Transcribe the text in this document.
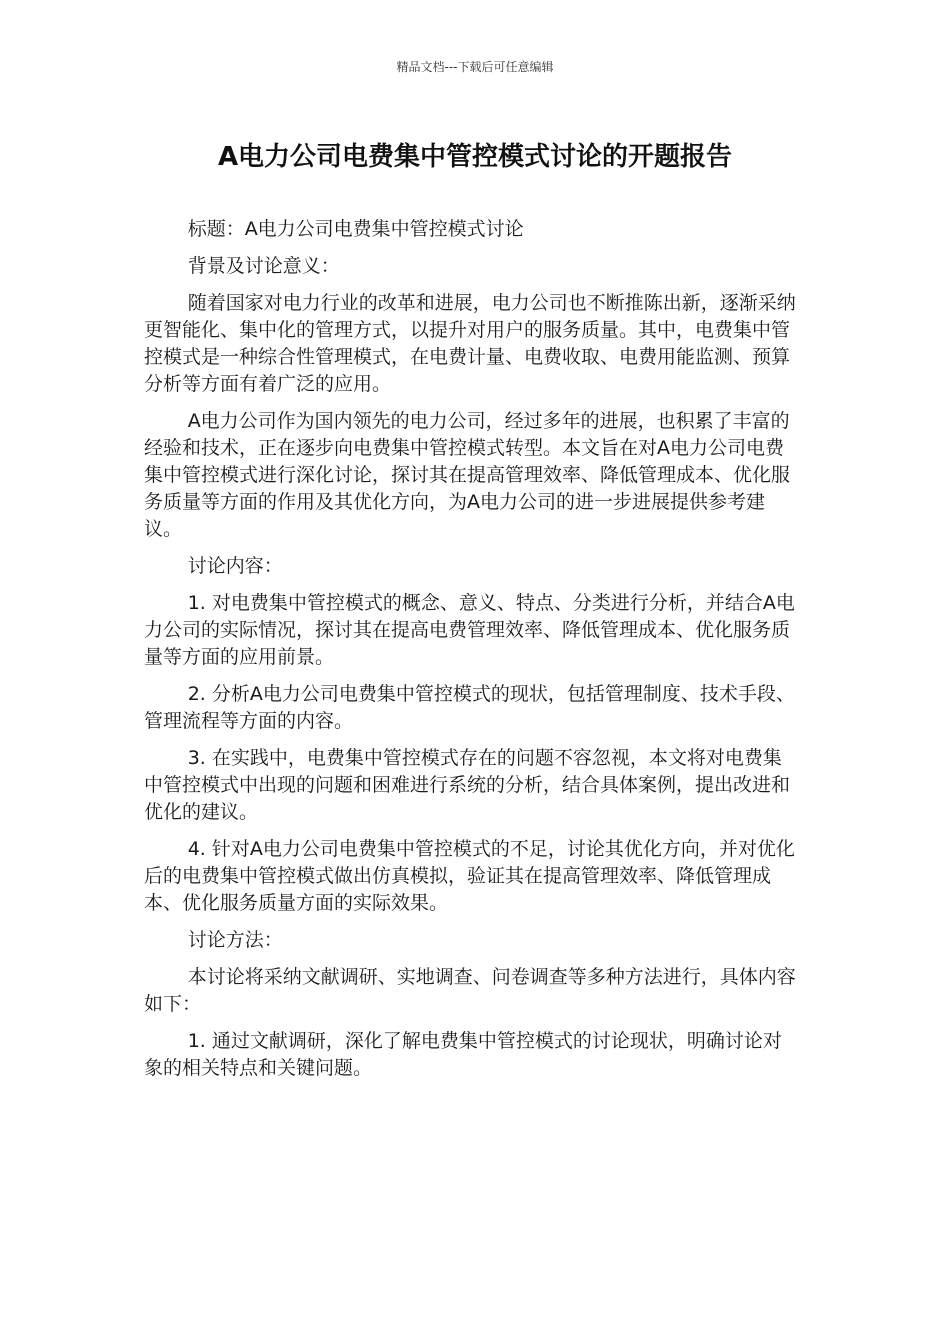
精品文档---下载后可任意编辑
A电力公司电费集中管控模式讨论的开题报告

标题：A电力公司电费集中管控模式讨论

背景及讨论意义：

随着国家对电力行业的改革和进展，电力公司也不断推陈出新，逐渐采纳更智能化、集中化的管理方式，以提升对用户的服务质量。其中，电费集中管控模式是一种综合性管理模式，在电费计量、电费收取、电费用能监测、预算分析等方面有着广泛的应用。

A电力公司作为国内领先的电力公司，经过多年的进展，也积累了丰富的经验和技术，正在逐步向电费集中管控模式转型。本文旨在对A电力公司电费集中管控模式进行深化讨论，探讨其在提高管理效率、降低管理成本、优化服务质量等方面的作用及其优化方向，为A电力公司的进一步进展提供参考建议。

讨论内容：

1. 对电费集中管控模式的概念、意义、特点、分类进行分析，并结合A电力公司的实际情况，探讨其在提高电费管理效率、降低管理成本、优化服务质量等方面的应用前景。

2. 分析A电力公司电费集中管控模式的现状，包括管理制度、技术手段、管理流程等方面的内容。

3. 在实践中，电费集中管控模式存在的问题不容忽视，本文将对电费集中管控模式中出现的问题和困难进行系统的分析，结合具体案例，提出改进和优化的建议。

4. 针对A电力公司电费集中管控模式的不足，讨论其优化方向，并对优化后的电费集中管控模式做出仿真模拟，验证其在提高管理效率、降低管理成本、优化服务质量方面的实际效果。

讨论方法：

本讨论将采纳文献调研、实地调查、问卷调查等多种方法进行，具体内容如下：

1. 通过文献调研，深化了解电费集中管控模式的讨论现状，明确讨论对象的相关特点和关键问题。
